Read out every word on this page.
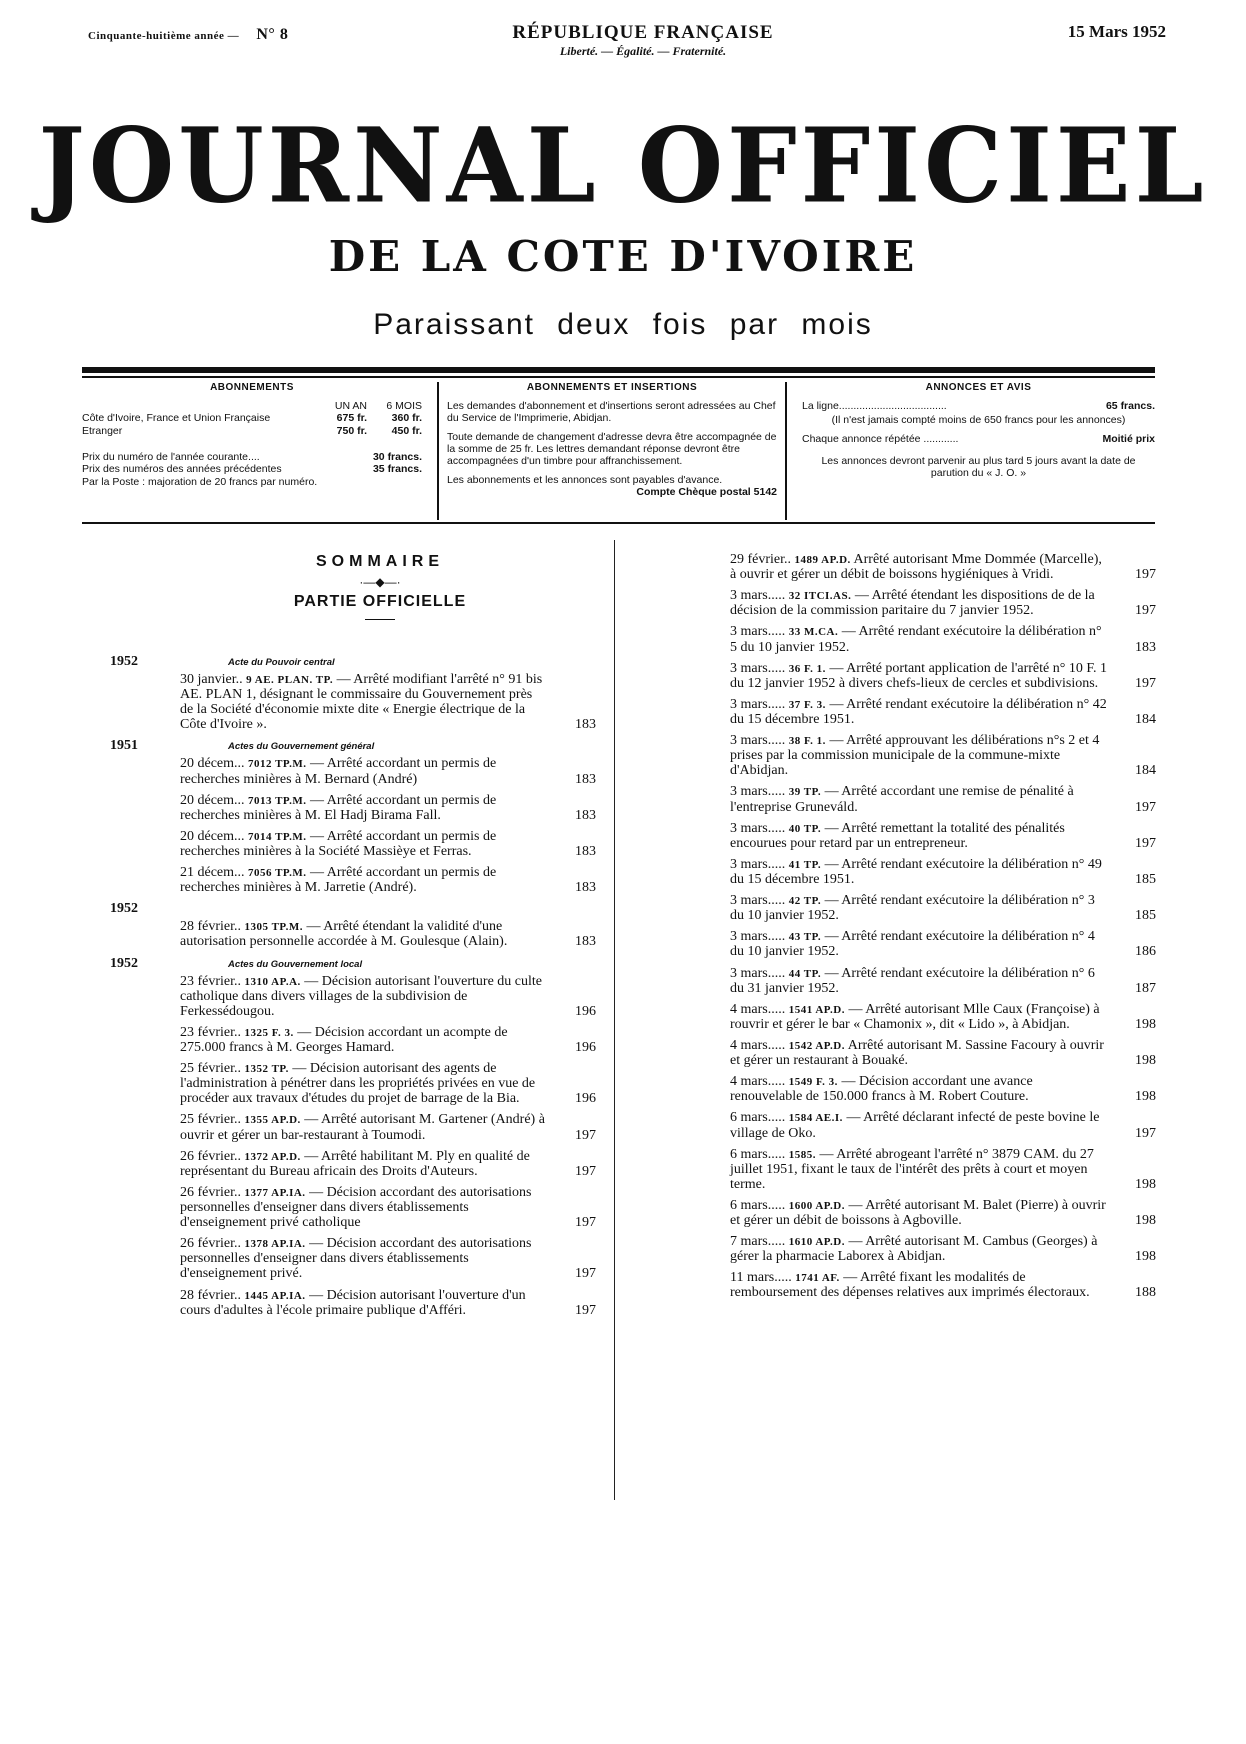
Cinquante-huitième année — N° 8	RÉPUBLIQUE FRANÇAISE
Liberté. — Égalité. — Fraternité.
15 Mars 1952
JOURNAL OFFICIEL
DE LA COTE D'IVOIRE
Paraissant deux fois par mois
ABONNEMENTS
	UN AN	6 MOIS
Côte d'Ivoire, France et Union Française	675 fr.	360 fr.
Etranger	750 fr.	450 fr.
Prix du numéro de l'année courante....	30 francs.
Prix des numéros des années précédentes	35 francs.
Par la Poste : majoration de 20 francs par numéro.
ABONNEMENTS ET INSERTIONS
Les demandes d'abonnement et d'insertions seront adressées au Chef du Service de l'Imprimerie, Abidjan.
Toute demande de changement d'adresse devra être accompagnée de la somme de 25 fr. Les lettres demandant réponse devront être accompagnées d'un timbre pour affranchissement.
Les abonnements et les annonces sont payables d'avance.
Compte Chèque postal 5142
ANNONCES ET AVIS
La ligne.....................................	65 francs.
(Il n'est jamais compté moins de 650 francs pour les annonces)
Chaque annonce répétée ............	Moitié prix
Les annonces devront parvenir au plus tard 5 jours avant la date de parution du « J. O. »
SOMMAIRE
·—◆—·
PARTIE OFFICIELLE
1952	Acte du Pouvoir central
30 janvier.. 9 AE. PLAN. TP. — Arrêté modifiant l'arrêté n° 91 bis AE. PLAN 1, désignant le commissaire du Gouvernement près de la Société d'économie mixte dite « Energie électrique de la Côte d'Ivoire ».	183
1951	Actes du Gouvernement général
20 décem... 7012 TP.M. — Arrêté accordant un permis de recherches minières à M. Bernard (André)	183
20 décem... 7013 TP.M. — Arrêté accordant un permis de recherches minières à M. El Hadj Birama Fall.	183
20 décem... 7014 TP.M. — Arrêté accordant un permis de recherches minières à la Société Massièye et Ferras.	183
21 décem... 7056 TP.M. — Arrêté accordant un permis de recherches minières à M. Jarretie (André).	183
1952
28 février.. 1305 TP.M. — Arrêté étendant la validité d'une autorisation personnelle accordée à M. Goulesque (Alain).	183
1952	Actes du Gouvernement local
23 février.. 1310 AP.A. — Décision autorisant l'ouverture du culte catholique dans divers villages de la subdivision de Ferkessédougou.	196
23 février.. 1325 F. 3. — Décision accordant un acompte de 275.000 francs à M. Georges Hamard.	196
25 février.. 1352 TP. — Décision autorisant des agents de l'administration à pénétrer dans les propriétés privées en vue de procéder aux travaux d'études du projet de barrage de la Bia.	196
25 février.. 1355 AP.D. — Arrêté autorisant M. Gartener (André) à ouvrir et gérer un bar-restaurant à Toumodi.	197
26 février.. 1372 AP.D. — Arrêté habilitant M. Ply en qualité de représentant du Bureau africain des Droits d'Auteurs.	197
26 février.. 1377 AP.IA. — Décision accordant des autorisations personnelles d'enseigner dans divers établissements d'enseignement privé catholique	197
26 février.. 1378 AP.IA. — Décision accordant des autorisations personnelles d'enseigner dans divers établissements d'enseignement privé.	197
28 février.. 1445 AP.IA. — Décision autorisant l'ouverture d'un cours d'adultes à l'école primaire publique d'Afféri.	197
29 février.. 1489 AP.D. Arrêté autorisant Mme Dommée (Marcelle), à ouvrir et gérer un débit de boissons hygiéniques à Vridi.	197
3 mars..... 32 ITCI.AS. — Arrêté étendant les dispositions de de la décision de la commission paritaire du 7 janvier 1952.	197
3 mars..... 33 M.CA. — Arrêté rendant exécutoire la délibération n° 5 du 10 janvier 1952.	183
3 mars..... 36 F. 1. — Arrêté portant application de l'arrêté n° 10 F. 1 du 12 janvier 1952 à divers chefs-lieux de cercles et subdivisions.	197
3 mars..... 37 F. 3. — Arrêté rendant exécutoire la délibération n° 42 du 15 décembre 1951.	184
3 mars..... 38 F. 1. — Arrêté approuvant les délibérations n°s 2 et 4 prises par la commission municipale de la commune-mixte d'Abidjan.	184
3 mars..... 39 TP. — Arrêté accordant une remise de pénalité à l'entreprise Gruneváld.	197
3 mars..... 40 TP. — Arrêté remettant la totalité des pénalités encourues pour retard par un entrepreneur.	197
3 mars..... 41 TP. — Arrêté rendant exécutoire la délibération n° 49 du 15 décembre 1951.	185
3 mars..... 42 TP. — Arrêté rendant exécutoire la délibération n° 3 du 10 janvier 1952.	185
3 mars..... 43 TP. — Arrêté rendant exécutoire la délibération n° 4 du 10 janvier 1952.	186
3 mars..... 44 TP. — Arrêté rendant exécutoire la délibération n° 6 du 31 janvier 1952.	187
4 mars..... 1541 AP.D. — Arrêté autorisant Mlle Caux (Françoise) à rouvrir et gérer le bar « Chamonix », dit « Lido », à Abidjan.	198
4 mars..... 1542 AP.D. Arrêté autorisant M. Sassine Facoury à ouvrir et gérer un restaurant à Bouaké.	198
4 mars..... 1549 F. 3. — Décision accordant une avance renouvelable de 150.000 francs à M. Robert Couture.	198
6 mars..... 1584 AE.I. — Arrêté déclarant infecté de peste bovine le village de Oko.	197
6 mars..... 1585. — Arrêté abrogeant l'arrêté n° 3879 CAM. du 27 juillet 1951, fixant le taux de l'intérêt des prêts à court et moyen terme.	198
6 mars..... 1600 AP.D. — Arrêté autorisant M. Balet (Pierre) à ouvrir et gérer un débit de boissons à Agboville.	198
7 mars..... 1610 AP.D. — Arrêté autorisant M. Cambus (Georges) à gérer la pharmacie Laborex à Abidjan.	198
11 mars..... 1741 AF. — Arrêté fixant les modalités de remboursement des dépenses relatives aux imprimés électoraux.	188
